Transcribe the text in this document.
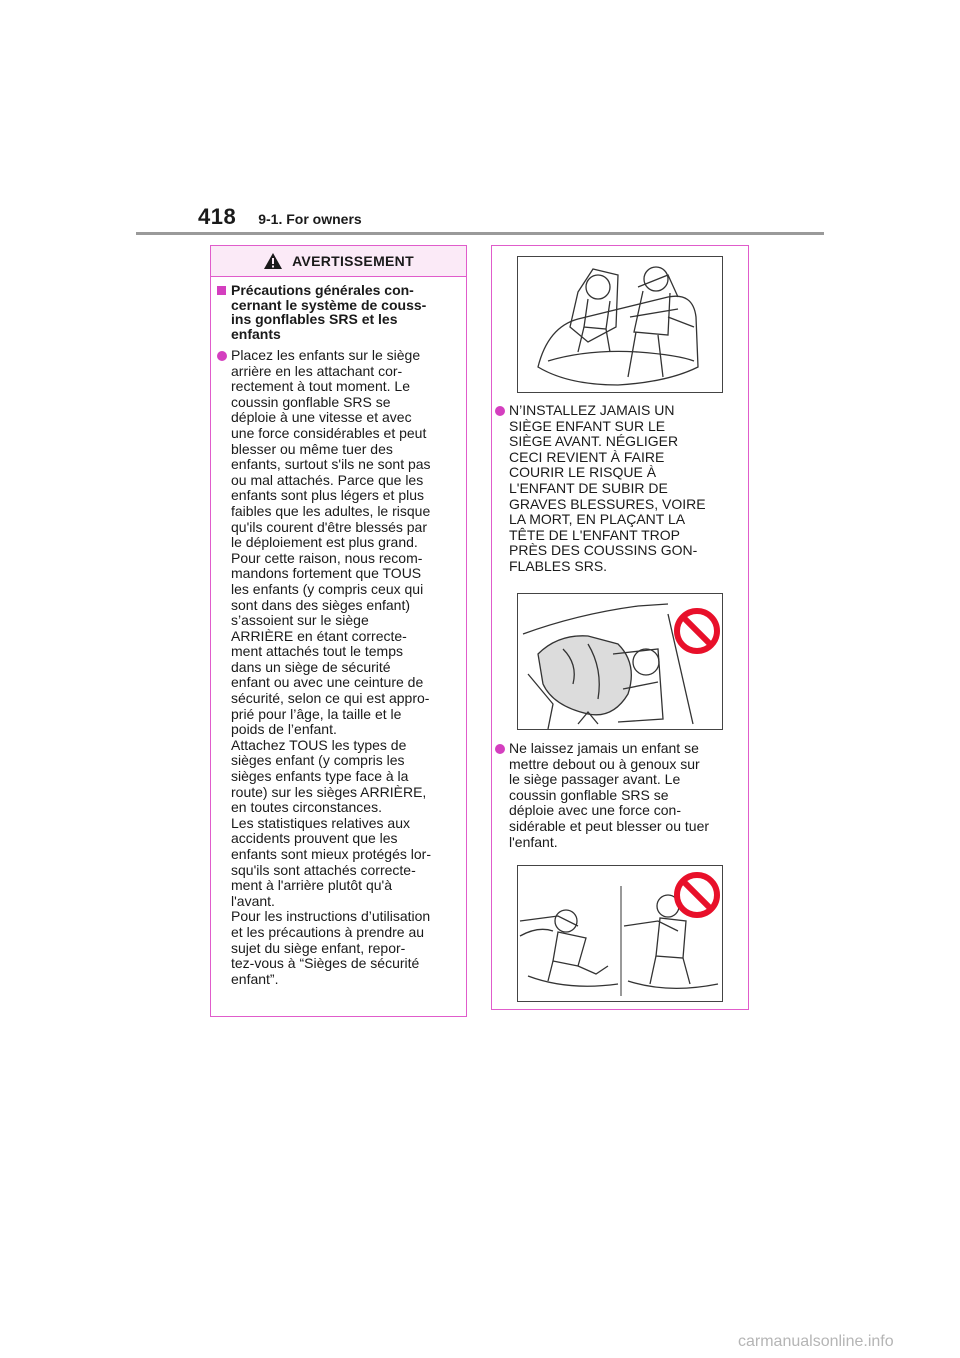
418 9-1. For owners
AVERTISSEMENT
Précautions générales con-
cernant le système de couss-
ins gonflables SRS et les
enfants
Placez les enfants sur le siège
arrière en les attachant cor-
rectement à tout moment. Le
coussin gonflable SRS se
déploie à une vitesse et avec
une force considérables et peut
blesser ou même tuer des
enfants, surtout s'ils ne sont pas
ou mal attachés. Parce que les
enfants sont plus légers et plus
faibles que les adultes, le risque
qu'ils courent d'être blessés par
le déploiement est plus grand.
Pour cette raison, nous recom-
mandons fortement que TOUS
les enfants (y compris ceux qui
sont dans des sièges enfant)
s’assoient sur le siège
ARRIÈRE en étant correcte-
ment attachés tout le temps
dans un siège de sécurité
enfant ou avec une ceinture de
sécurité, selon ce qui est appro-
prié pour l’âge, la taille et le
poids de l’enfant.
Attachez TOUS les types de
sièges enfant (y compris les
sièges enfants type face à la
route) sur les sièges ARRIÈRE,
en toutes circonstances.
Les statistiques relatives aux
accidents prouvent que les
enfants sont mieux protégés lor-
squ'ils sont attachés correcte-
ment à l'arrière plutôt qu'à
l'avant.
Pour les instructions d’utilisation
et les précautions à prendre au
sujet du siège enfant, repor-
tez-vous à “Sièges de sécurité
enfant”.
N’INSTALLEZ JAMAIS UN
SIÈGE ENFANT SUR LE
SIÈGE AVANT. NÉGLIGER
CECI REVIENT À FAIRE
COURIR LE RISQUE À
L'ENFANT DE SUBIR DE
GRAVES BLESSURES, VOIRE
LA MORT, EN PLAÇANT LA
TÊTE DE L'ENFANT TROP
PRÈS DES COUSSINS GON-
FLABLES SRS.
Ne laissez jamais un enfant se
mettre debout ou à genoux sur
le siège passager avant. Le
coussin gonflable SRS se
déploie avec une force con-
sidérable et peut blesser ou tuer
l'enfant.
carmanualsonline.info
